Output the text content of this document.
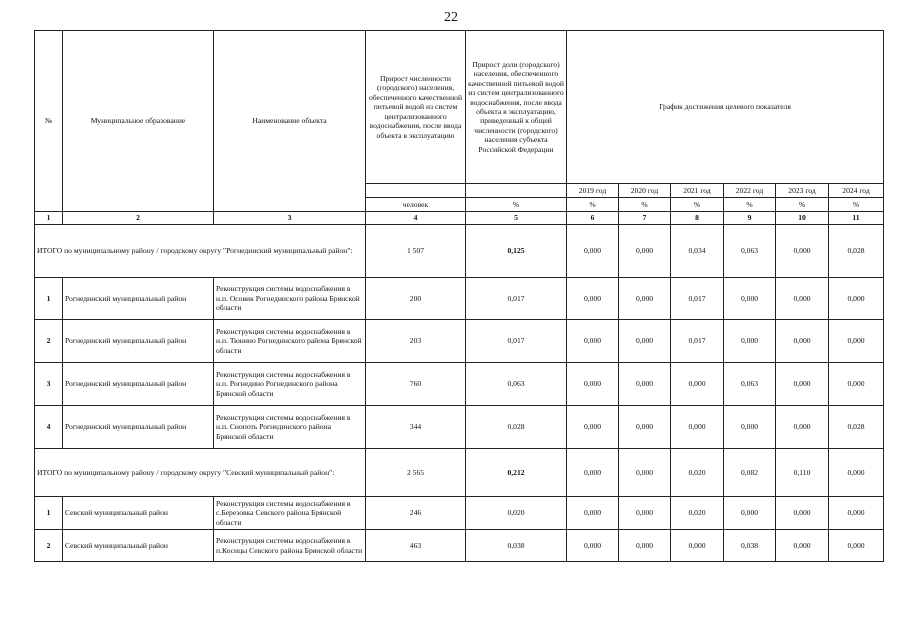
22
№	Муниципальное образование	Наименование объекта	Прирост численности (городского) населения, обеспеченного качественной питьевой водой из систем централизованного водоснабжения, после ввода объекта в эксплуатацию	Прирост доли (городского) населения, обеспеченного качественной питьевой водой из систем централизованного водоснабжения, после ввода объекта в эксплуатацию, приведенный к общей численности (городского) населения субъекта Российской Федерации	График достижения целевого показателя					
					2019 год	2020 год	2021 год	2022 год	2023 год	2024 год
			человек	%	%	%	%	%	%	%
1	2	3	4	5	6	7	8	9	10	11
ИТОГО по муниципальному району / городскому округу "Рогнединский муниципальный район":			1 507	0,125	0,000	0,000	0,034	0,063	0,000	0,028
1	Рогнединский муниципальный район	Реконструкция системы водоснабжения в н.п. Осовик Рогнединского района Брянской области	200	0,017	0,000	0,000	0,017	0,000	0,000	0,000
2	Рогнединский муниципальный район	Реконструкция системы водоснабжения в н.п. Тюнино Рогнединского района Брянской области	203	0,017	0,000	0,000	0,017	0,000	0,000	0,000
3	Рогнединский муниципальный район	Реконструкция системы водоснабжения в н.п. Рогнедино Рогнединского района Брянской области	760	0,063	0,000	0,000	0,000	0,063	0,000	0,000
4	Рогнединский муниципальный район	Реконструкция системы водоснабжения в н.п. Снопоть Рогнединского района Брянской области	344	0,028	0,000	0,000	0,000	0,000	0,000	0,028
ИТОГО по муниципальному району / городскому округу "Севский муниципальный район":			2 565	0,212	0,000	0,000	0,020	0,082	0,110	0,000
1	Севский муниципальный район	Реконструкция системы водоснабжения в с.Березовка Севского района Брянской области	246	0,020	0,000	0,000	0,020	0,000	0,000	0,000
2	Севский муниципальный район	Реконструкция системы водоснабжения в п.Косицы Севского района Брянской области	463	0,038	0,000	0,000	0,000	0,038	0,000	0,000
